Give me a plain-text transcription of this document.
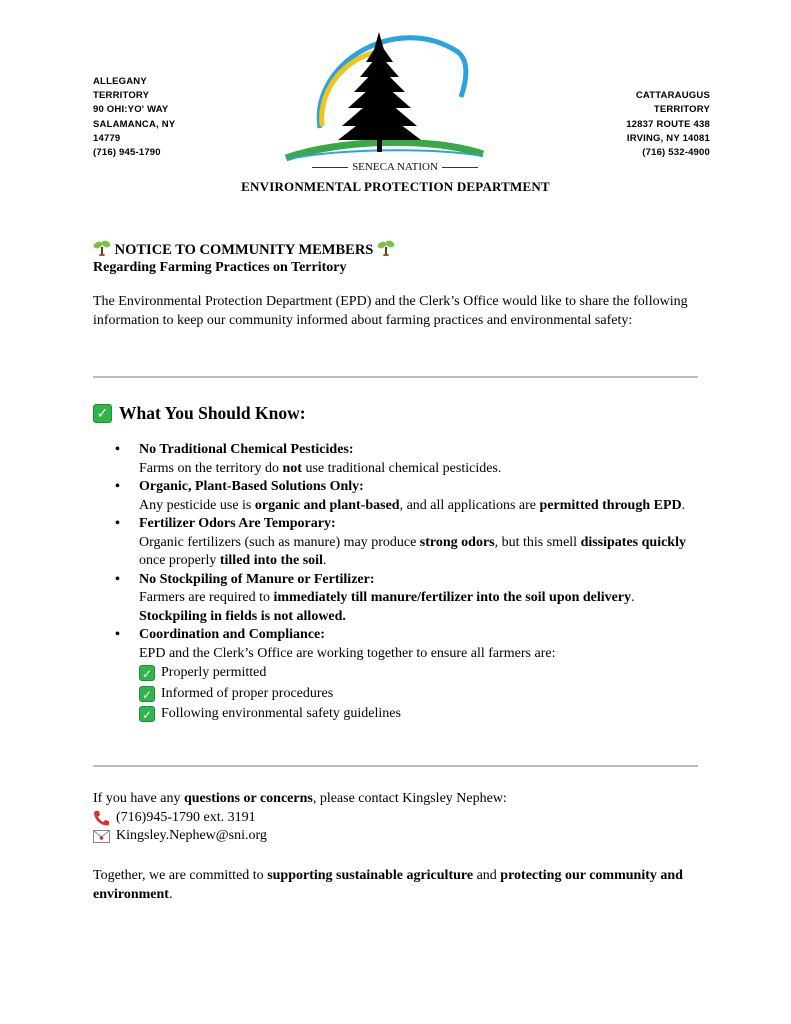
ALLEGANY
TERRITORY
90 OHI:YO' WAY
SALAMANCA, NY
14779
(716) 945-1790
CATTARAUGUS
TERRITORY
12837 ROUTE 438
IRVING, NY 14081
(716) 532-4900
SENECA NATION
ENVIRONMENTAL PROTECTION DEPARTMENT
NOTICE TO COMMUNITY MEMBERS
Regarding Farming Practices on Territory
The Environmental Protection Department (EPD) and the Clerk’s Office would like to share the following information to keep our community informed about farming practices and environmental safety:
✓ What You Should Know:
• No Traditional Chemical Pesticides:
Farms on the territory do not use traditional chemical pesticides.
• Organic, Plant-Based Solutions Only:
Any pesticide use is organic and plant-based, and all applications are permitted through EPD.
• Fertilizer Odors Are Temporary:
Organic fertilizers (such as manure) may produce strong odors, but this smell dissipates quickly once properly tilled into the soil.
• No Stockpiling of Manure or Fertilizer:
Farmers are required to immediately till manure/fertilizer into the soil upon delivery. Stockpiling in fields is not allowed.
• Coordination and Compliance:
EPD and the Clerk’s Office are working together to ensure all farmers are:
✓ Properly permitted
✓ Informed of proper procedures
✓ Following environmental safety guidelines
If you have any questions or concerns, please contact Kingsley Nephew:
(716)945-1790 ext. 3191
Kingsley.Nephew@sni.org
Together, we are committed to supporting sustainable agriculture and protecting our community and environment.
